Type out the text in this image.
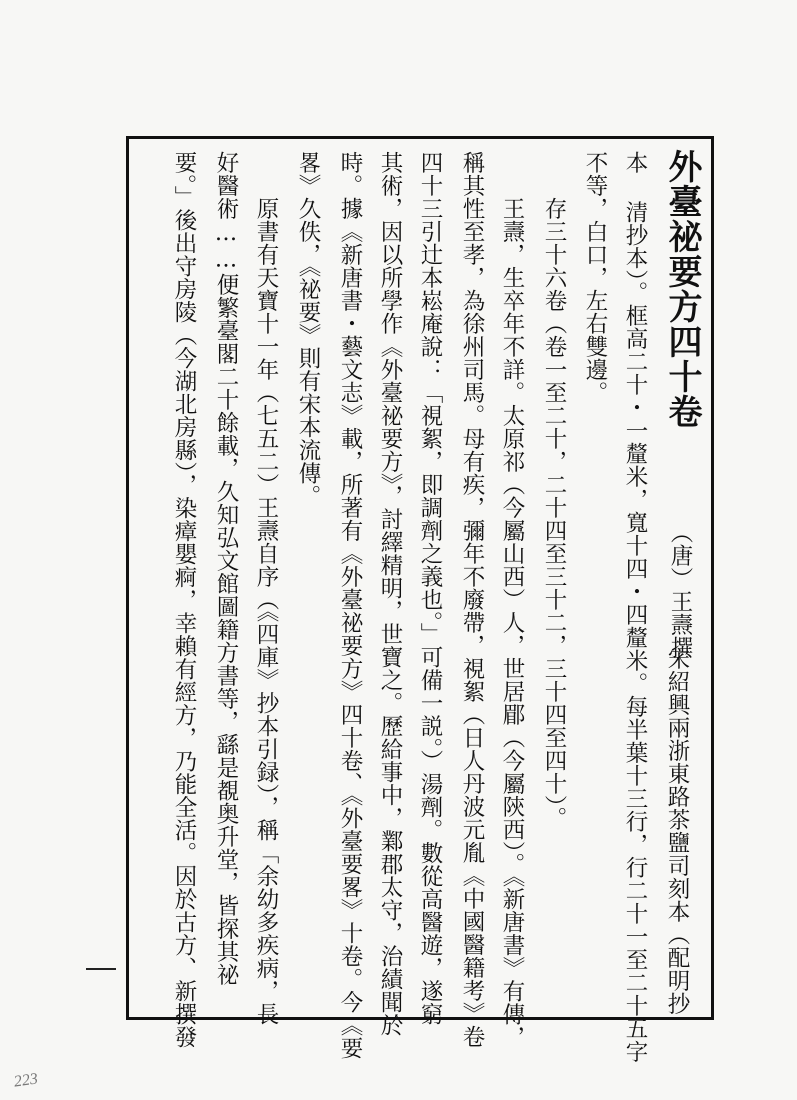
外臺祕要方四十卷
（唐）王燾撰
宋紹興兩浙東路茶鹽司刻本（配明抄
本 清抄本）。框高二十・一釐米，寬十四・四釐米。每半葉十三行，行二十一至二十五字
不等，白口，左右雙邊。
存三十六卷（卷一至二十，二十四至三十二，三十四至四十）。
王燾，生卒年不詳。太原祁（今屬山西）人，世居郿（今屬陝西）。《新唐書》有傳，
稱其性至孝，為徐州司馬。母有疾，彌年不廢帶，視絮（日人丹波元胤《中國醫籍考》卷
四十三引辻本崧庵說：「視絮，即調劑之義也。」可備一説。）湯劑。數從高醫遊，遂窮
其術，因以所學作《外臺祕要方》，討繹精明，世寶之。歷給事中，鄴郡太守，治績聞於
時。據《新唐書・藝文志》載，所著有《外臺祕要方》四十卷、《外臺要畧》十卷。今《要
畧》久佚，《祕要》則有宋本流傳。
原書有天寶十一年（七五二）王燾自序（《四庫》抄本引録），稱「余幼多疾病，長
好醫術……便繁臺閣二十餘載，久知弘文館圖籍方書等，繇是覩奥升堂，皆探其祕
要。」後出守房陵（今湖北房縣），染瘴嬰痾，幸賴有經方，乃能全活。因於古方、新撰發
223
